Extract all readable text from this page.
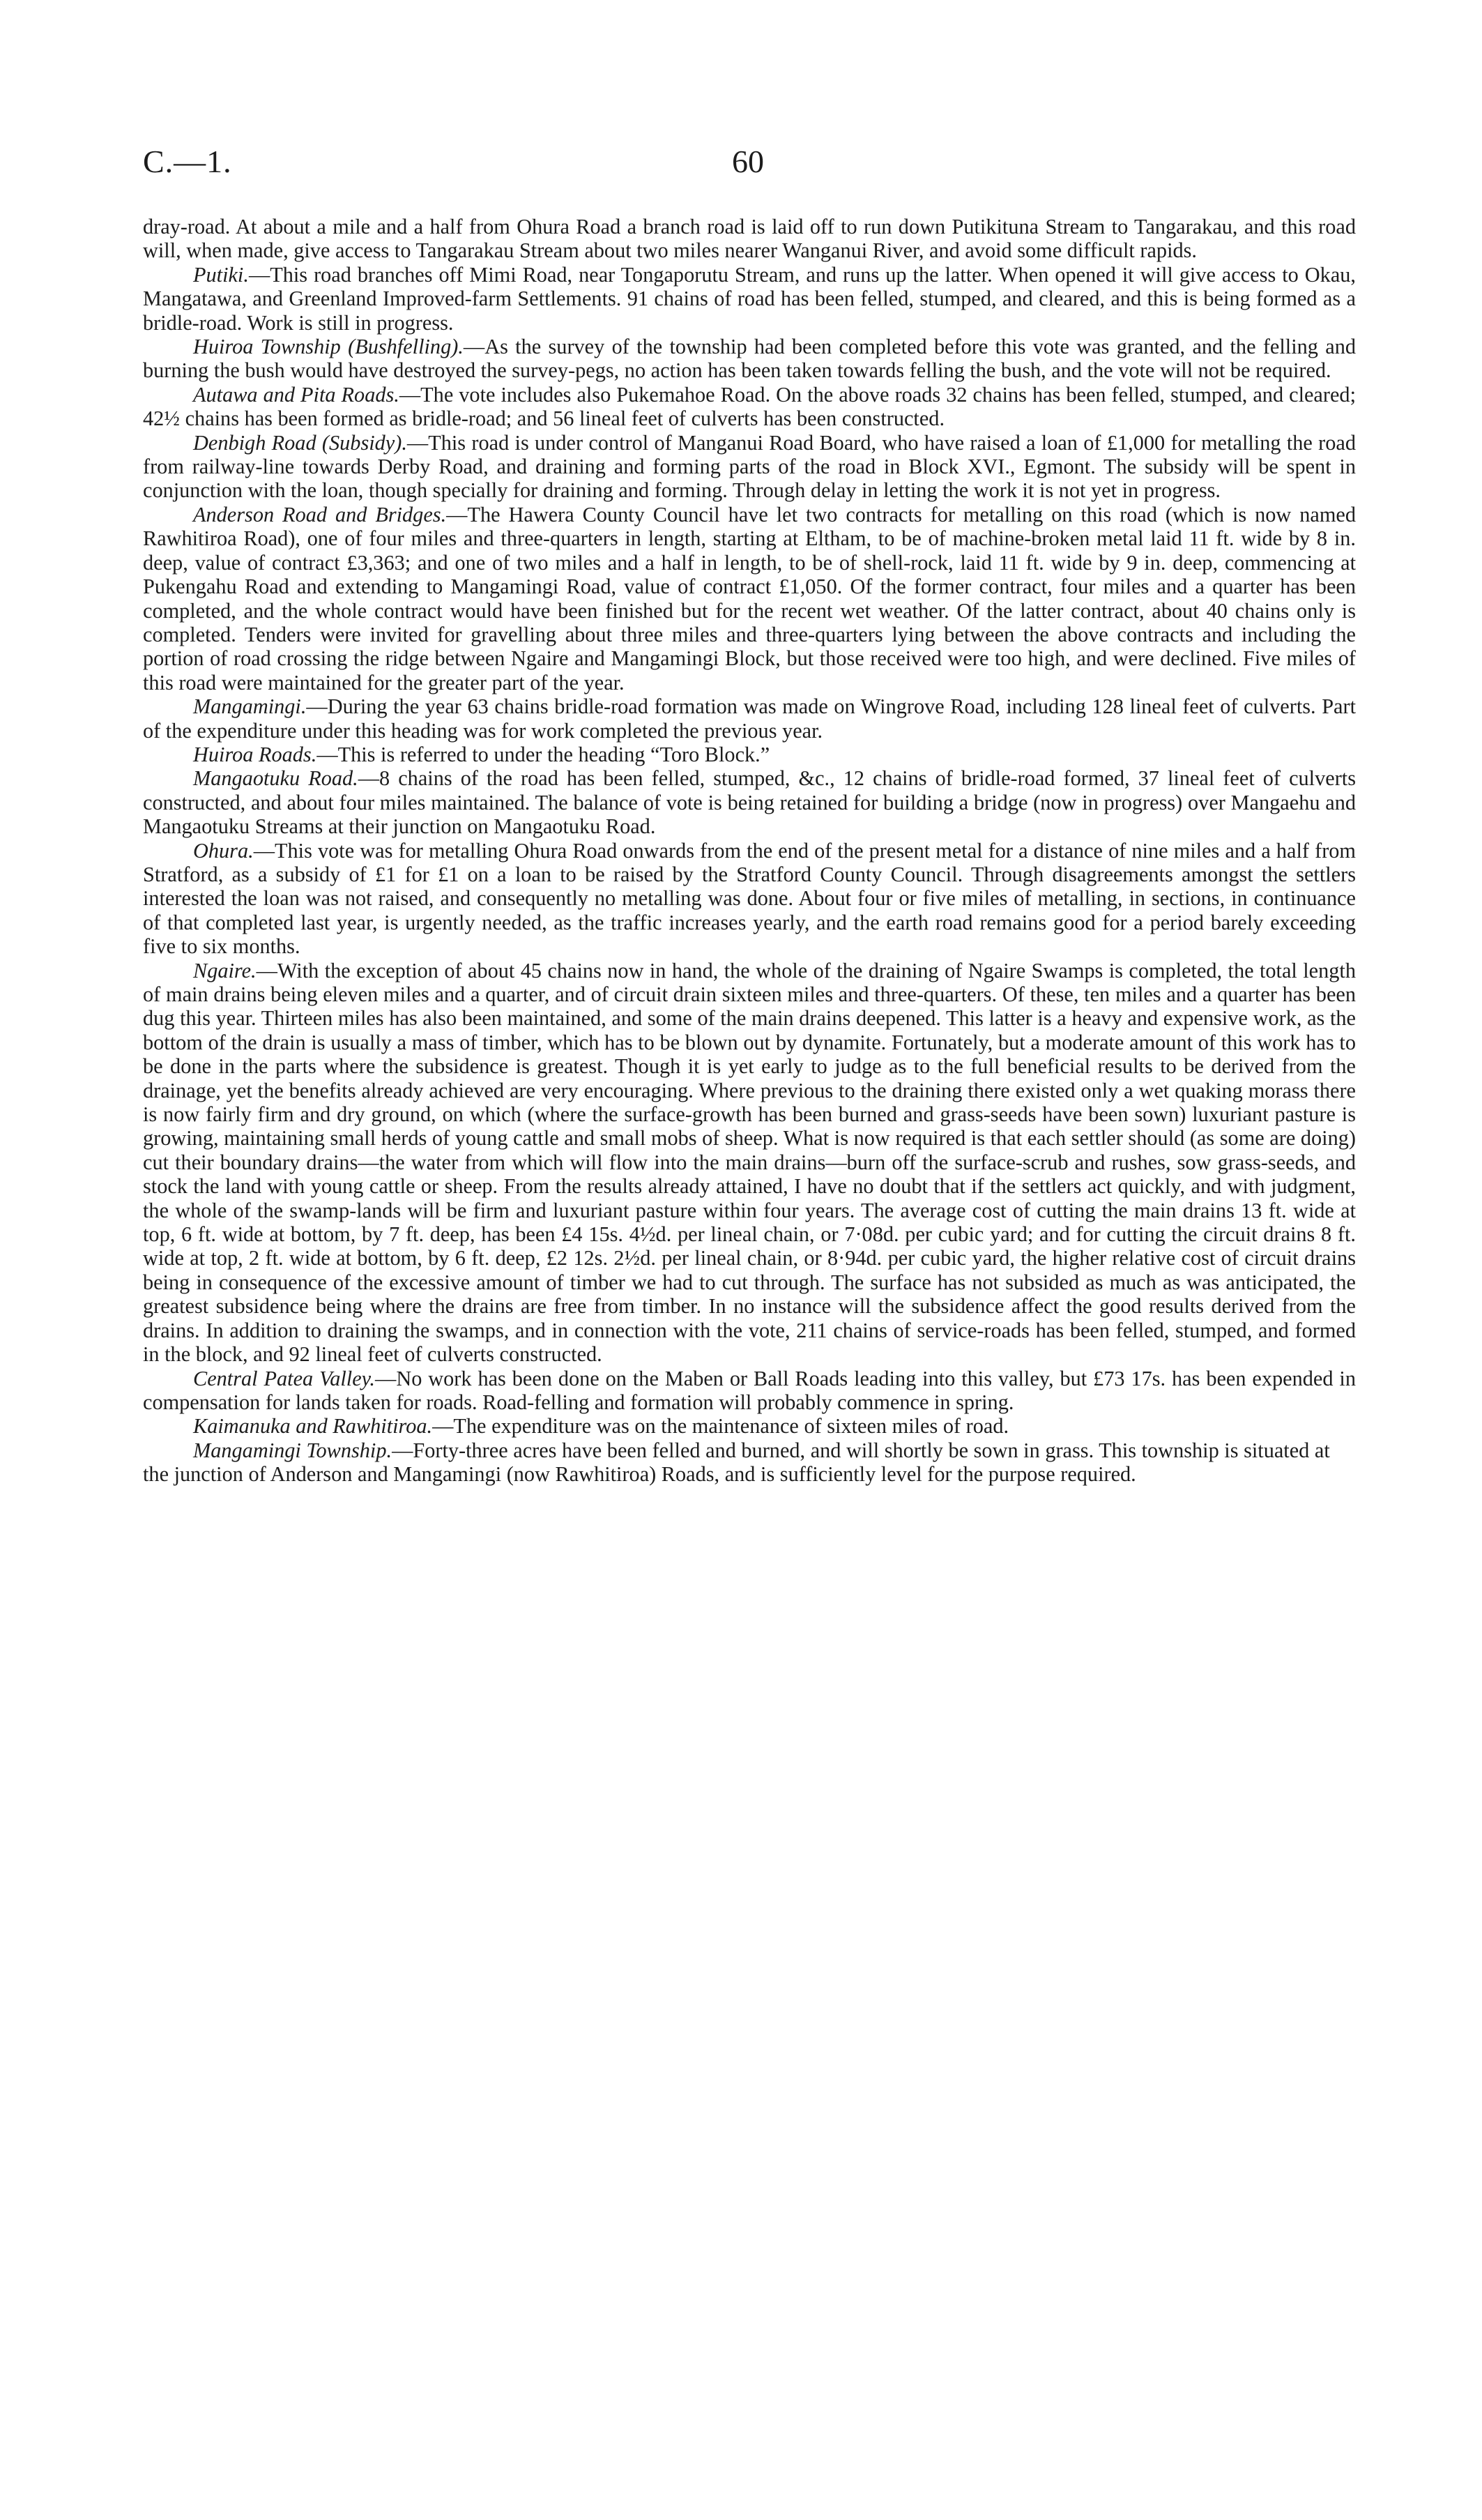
C.—1.	60

dray-road. At about a mile and a half from Ohura Road a branch road is laid off to run down Putikituna Stream to Tangarakau, and this road will, when made, give access to Tangarakau Stream about two miles nearer Wanganui River, and avoid some difficult rapids.

Putiki.—This road branches off Mimi Road, near Tongaporutu Stream, and runs up the latter. When opened it will give access to Okau, Mangatawa, and Greenland Improved-farm Settlements. 91 chains of road has been felled, stumped, and cleared, and this is being formed as a bridle-road. Work is still in progress.

Huiroa Township (Bushfelling).—As the survey of the township had been completed before this vote was granted, and the felling and burning the bush would have destroyed the survey-pegs, no action has been taken towards felling the bush, and the vote will not be required.

Autawa and Pita Roads.—The vote includes also Pukemahoe Road. On the above roads 32 chains has been felled, stumped, and cleared; 42½ chains has been formed as bridle-road; and 56 lineal feet of culverts has been constructed.

Denbigh Road (Subsidy).—This road is under control of Manganui Road Board, who have raised a loan of £1,000 for metalling the road from railway-line towards Derby Road, and draining and forming parts of the road in Block XVI., Egmont. The subsidy will be spent in conjunction with the loan, though specially for draining and forming. Through delay in letting the work it is not yet in progress.

Anderson Road and Bridges.—The Hawera County Council have let two contracts for metalling on this road (which is now named Rawhitiroa Road), one of four miles and three-quarters in length, starting at Eltham, to be of machine-broken metal laid 11 ft. wide by 8 in. deep, value of contract £3,363; and one of two miles and a half in length, to be of shell-rock, laid 11 ft. wide by 9 in. deep, commencing at Pukengahu Road and extending to Mangamingi Road, value of contract £1,050. Of the former contract, four miles and a quarter has been completed, and the whole contract would have been finished but for the recent wet weather. Of the latter contract, about 40 chains only is completed. Tenders were invited for gravelling about three miles and three-quarters lying between the above contracts and including the portion of road crossing the ridge between Ngaire and Mangamingi Block, but those received were too high, and were declined. Five miles of this road were maintained for the greater part of the year.

Mangamingi.—During the year 63 chains bridle-road formation was made on Wingrove Road, including 128 lineal feet of culverts. Part of the expenditure under this heading was for work completed the previous year.

Huiroa Roads.—This is referred to under the heading “Toro Block.”

Mangaotuku Road.—8 chains of the road has been felled, stumped, &c., 12 chains of bridle-road formed, 37 lineal feet of culverts constructed, and about four miles maintained. The balance of vote is being retained for building a bridge (now in progress) over Mangaehu and Mangaotuku Streams at their junction on Mangaotuku Road.

Ohura.—This vote was for metalling Ohura Road onwards from the end of the present metal for a distance of nine miles and a half from Stratford, as a subsidy of £1 for £1 on a loan to be raised by the Stratford County Council. Through disagreements amongst the settlers interested the loan was not raised, and consequently no metalling was done. About four or five miles of metalling, in sections, in continuance of that completed last year, is urgently needed, as the traffic increases yearly, and the earth road remains good for a period barely exceeding five to six months.

Ngaire.—With the exception of about 45 chains now in hand, the whole of the draining of Ngaire Swamps is completed, the total length of main drains being eleven miles and a quarter, and of circuit drain sixteen miles and three-quarters. Of these, ten miles and a quarter has been dug this year. Thirteen miles has also been maintained, and some of the main drains deepened. This latter is a heavy and expensive work, as the bottom of the drain is usually a mass of timber, which has to be blown out by dynamite. Fortunately, but a moderate amount of this work has to be done in the parts where the subsidence is greatest. Though it is yet early to judge as to the full beneficial results to be derived from the drainage, yet the benefits already achieved are very encouraging. Where previous to the draining there existed only a wet quaking morass there is now fairly firm and dry ground, on which (where the surface-growth has been burned and grass-seeds have been sown) luxuriant pasture is growing, maintaining small herds of young cattle and small mobs of sheep. What is now required is that each settler should (as some are doing) cut their boundary drains—the water from which will flow into the main drains—burn off the surface-scrub and rushes, sow grass-seeds, and stock the land with young cattle or sheep. From the results already attained, I have no doubt that if the settlers act quickly, and with judgment, the whole of the swamp-lands will be firm and luxuriant pasture within four years. The average cost of cutting the main drains 13 ft. wide at top, 6 ft. wide at bottom, by 7 ft. deep, has been £4 15s. 4½d. per lineal chain, or 7·08d. per cubic yard; and for cutting the circuit drains 8 ft. wide at top, 2 ft. wide at bottom, by 6 ft. deep, £2 12s. 2½d. per lineal chain, or 8·94d. per cubic yard, the higher relative cost of circuit drains being in consequence of the excessive amount of timber we had to cut through. The surface has not subsided as much as was anticipated, the greatest subsidence being where the drains are free from timber. In no instance will the subsidence affect the good results derived from the drains. In addition to draining the swamps, and in connection with the vote, 211 chains of service-roads has been felled, stumped, and formed in the block, and 92 lineal feet of culverts constructed.

Central Patea Valley.—No work has been done on the Maben or Ball Roads leading into this valley, but £73 17s. has been expended in compensation for lands taken for roads. Road-felling and formation will probably commence in spring.

Kaimanuka and Rawhitiroa.—The expenditure was on the maintenance of sixteen miles of road.

Mangamingi Township.—Forty-three acres have been felled and burned, and will shortly be sown in grass. This township is situated at the junction of Anderson and Mangamingi (now Rawhitiroa) Roads, and is sufficiently level for the purpose required.
